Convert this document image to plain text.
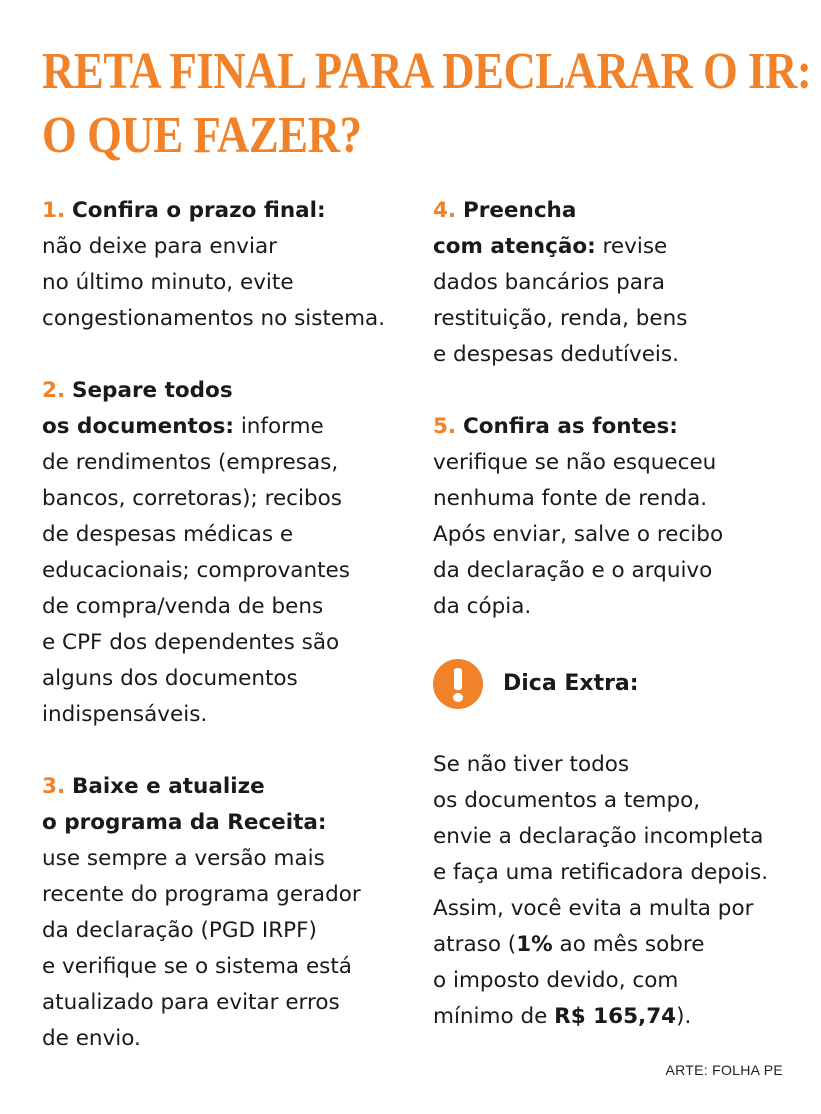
RETA FINAL PARA DECLARAR O IR:
O QUE FAZER?
1. Confira o prazo final:
não deixe para enviar
no último minuto, evite
congestionamentos no sistema.
2. Separe todos
os documentos: informe
de rendimentos (empresas,
bancos, corretoras); recibos
de despesas médicas e
educacionais; comprovantes
de compra/venda de bens
e CPF dos dependentes são
alguns dos documentos
indispensáveis.
3. Baixe e atualize
o programa da Receita:
use sempre a versão mais
recente do programa gerador
da declaração (PGD IRPF)
e verifique se o sistema está
atualizado para evitar erros
de envio.
4. Preencha
com atenção: revise
dados bancários para
restituição, renda, bens
e despesas dedutíveis.
5. Confira as fontes:
verifique se não esqueceu
nenhuma fonte de renda.
Após enviar, salve o recibo
da declaração e o arquivo
da cópia.
Dica Extra:
Se não tiver todos
os documentos a tempo,
envie a declaração incompleta
e faça uma retificadora depois.
Assim, você evita a multa por
atraso (1% ao mês sobre
o imposto devido, com
mínimo de R$ 165,74).
ARTE: FOLHA PE
